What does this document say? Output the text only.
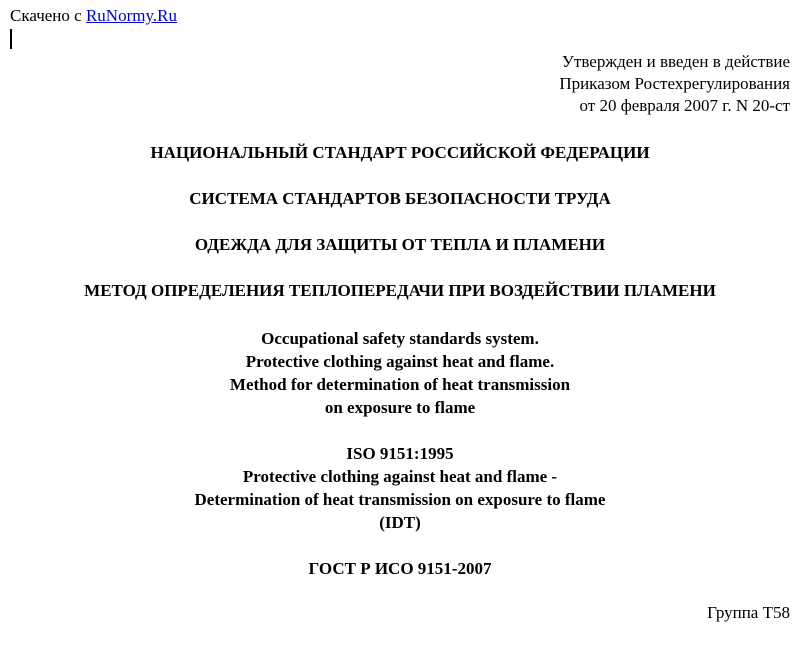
Скачено с RuNormy.Ru
Утвержден и введен в действие
Приказом Ростехрегулирования
от 20 февраля 2007 г. N 20-ст
НАЦИОНАЛЬНЫЙ СТАНДАРТ РОССИЙСКОЙ ФЕДЕРАЦИИ
СИСТЕМА СТАНДАРТОВ БЕЗОПАСНОСТИ ТРУДА
ОДЕЖДА ДЛЯ ЗАЩИТЫ ОТ ТЕПЛА И ПЛАМЕНИ
МЕТОД ОПРЕДЕЛЕНИЯ ТЕПЛОПЕРЕДАЧИ ПРИ ВОЗДЕЙСТВИИ ПЛАМЕНИ
Occupational safety standards system.
Protective clothing against heat and flame.
Method for determination of heat transmission
on exposure to flame
ISO 9151:1995
Protective clothing against heat and flame -
Determination of heat transmission on exposure to flame
(IDT)
ГОСТ Р ИСО 9151-2007
Группа Т58
